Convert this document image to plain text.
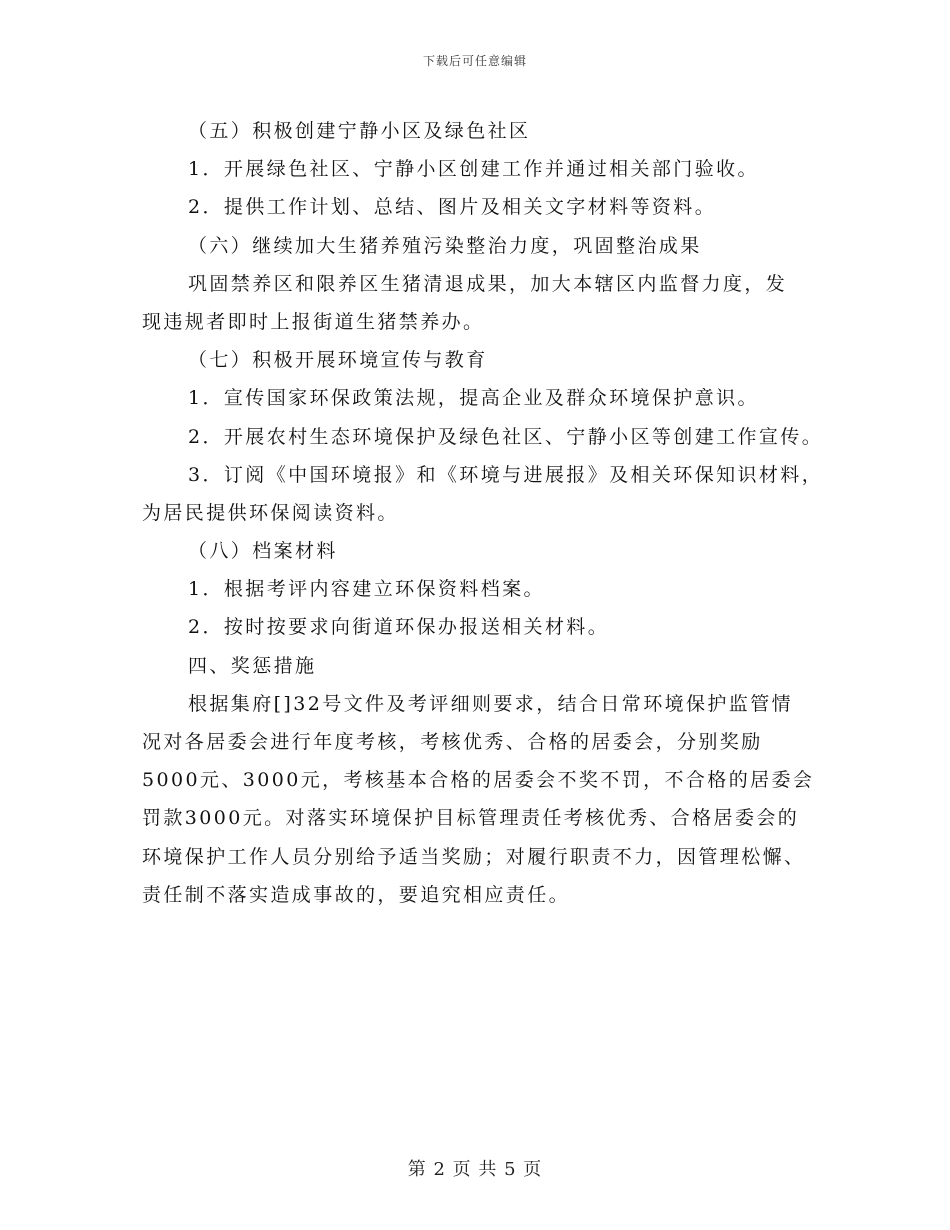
下载后可任意编辑
（五）积极创建宁静小区及绿色社区
1．开展绿色社区、宁静小区创建工作并通过相关部门验收。
2．提供工作计划、总结、图片及相关文字材料等资料。
（六）继续加大生猪养殖污染整治力度，巩固整治成果
巩固禁养区和限养区生猪清退成果，加大本辖区内监督力度，发
现违规者即时上报街道生猪禁养办。
（七）积极开展环境宣传与教育
1．宣传国家环保政策法规，提高企业及群众环境保护意识。
2．开展农村生态环境保护及绿色社区、宁静小区等创建工作宣传。
3．订阅《中国环境报》和《环境与进展报》及相关环保知识材料，
为居民提供环保阅读资料。
（八）档案材料
1．根据考评内容建立环保资料档案。
2．按时按要求向街道环保办报送相关材料。
四、奖惩措施
根据集府[]32号文件及考评细则要求，结合日常环境保护监管情
况对各居委会进行年度考核，考核优秀、合格的居委会，分别奖励
5000元、3000元，考核基本合格的居委会不奖不罚，不合格的居委会
罚款3000元。对落实环境保护目标管理责任考核优秀、合格居委会的
环境保护工作人员分别给予适当奖励；对履行职责不力，因管理松懈、
责任制不落实造成事故的，要追究相应责任。
第 2 页 共 5 页
